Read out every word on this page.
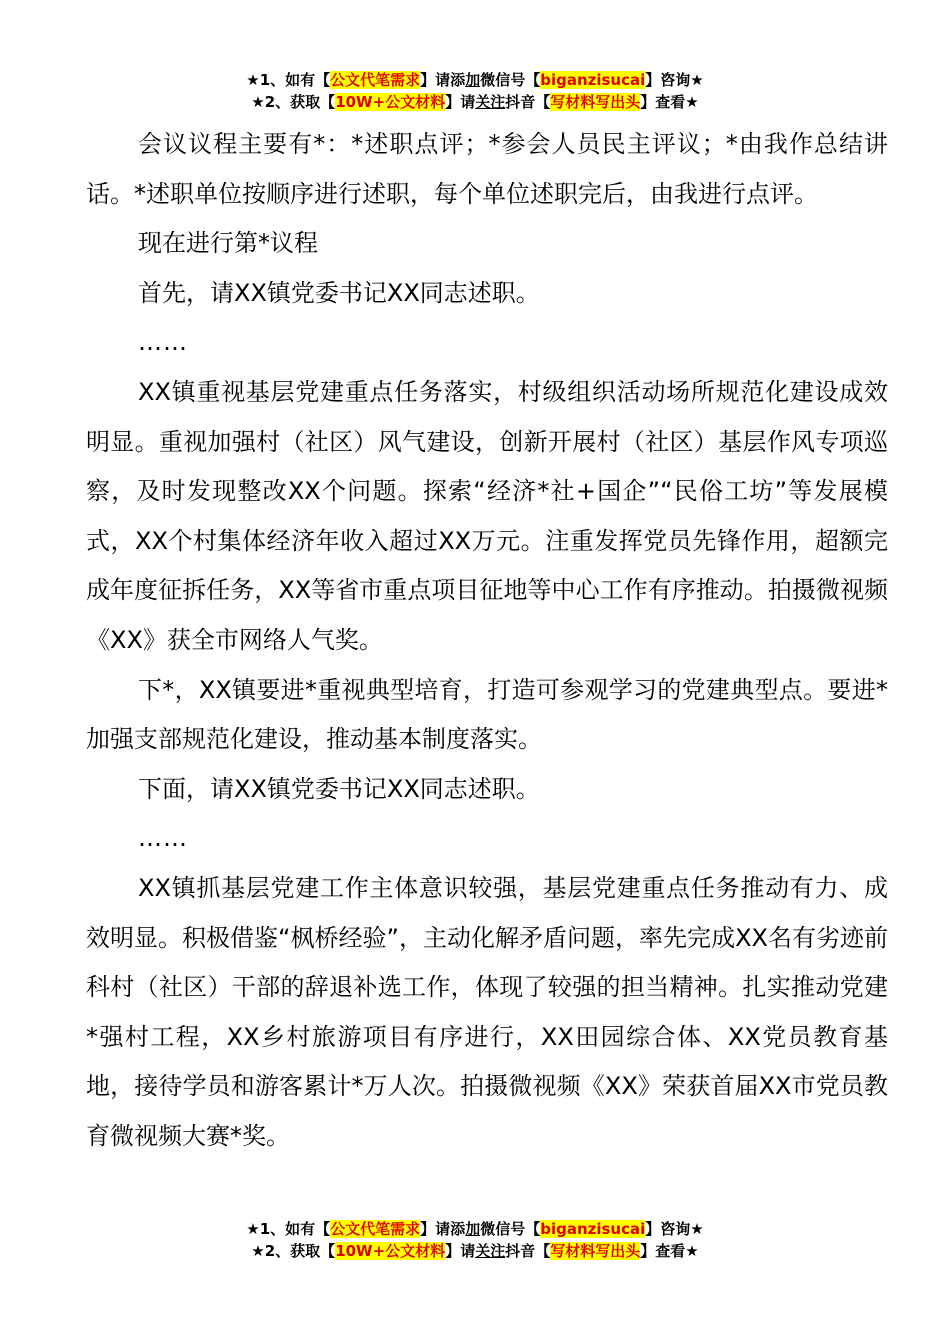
★1、如有【公文代笔需求】请添加微信号【biganzisucai】咨询★
★2、获取【10W+公文材料】请关注抖音【写材料写出头】查看★

会议议程主要有*：*述职点评；*参会人员民主评议；*由我作总结讲话。*述职单位按顺序进行述职，每个单位述职完后，由我进行点评。

现在进行第*议程

首先，请XX镇党委书记XX同志述职。

……

XX镇重视基层党建重点任务落实，村级组织活动场所规范化建设成效明显。重视加强村（社区）风气建设，创新开展村（社区）基层作风专项巡察，及时发现整改XX个问题。探索“经济*社+国企”“民俗工坊”等发展模式，XX个村集体经济年收入超过XX万元。注重发挥党员先锋作用，超额完成年度征拆任务，XX等省市重点项目征地等中心工作有序推动。拍摄微视频《XX》获全市网络人气奖。

下*，XX镇要进*重视典型培育，打造可参观学习的党建典型点。要进*加强支部规范化建设，推动基本制度落实。

下面，请XX镇党委书记XX同志述职。

……

XX镇抓基层党建工作主体意识较强，基层党建重点任务推动有力、成效明显。积极借鉴“枫桥经验”，主动化解矛盾问题，率先完成XX名有劣迹前科村（社区）干部的辞退补选工作，体现了较强的担当精神。扎实推动党建*强村工程，XX乡村旅游项目有序进行，XX田园综合体、XX党员教育基地，接待学员和游客累计*万人次。拍摄微视频《XX》荣获首届XX市党员教育微视频大赛*奖。

★1、如有【公文代笔需求】请添加微信号【biganzisucai】咨询★
★2、获取【10W+公文材料】请关注抖音【写材料写出头】查看★
